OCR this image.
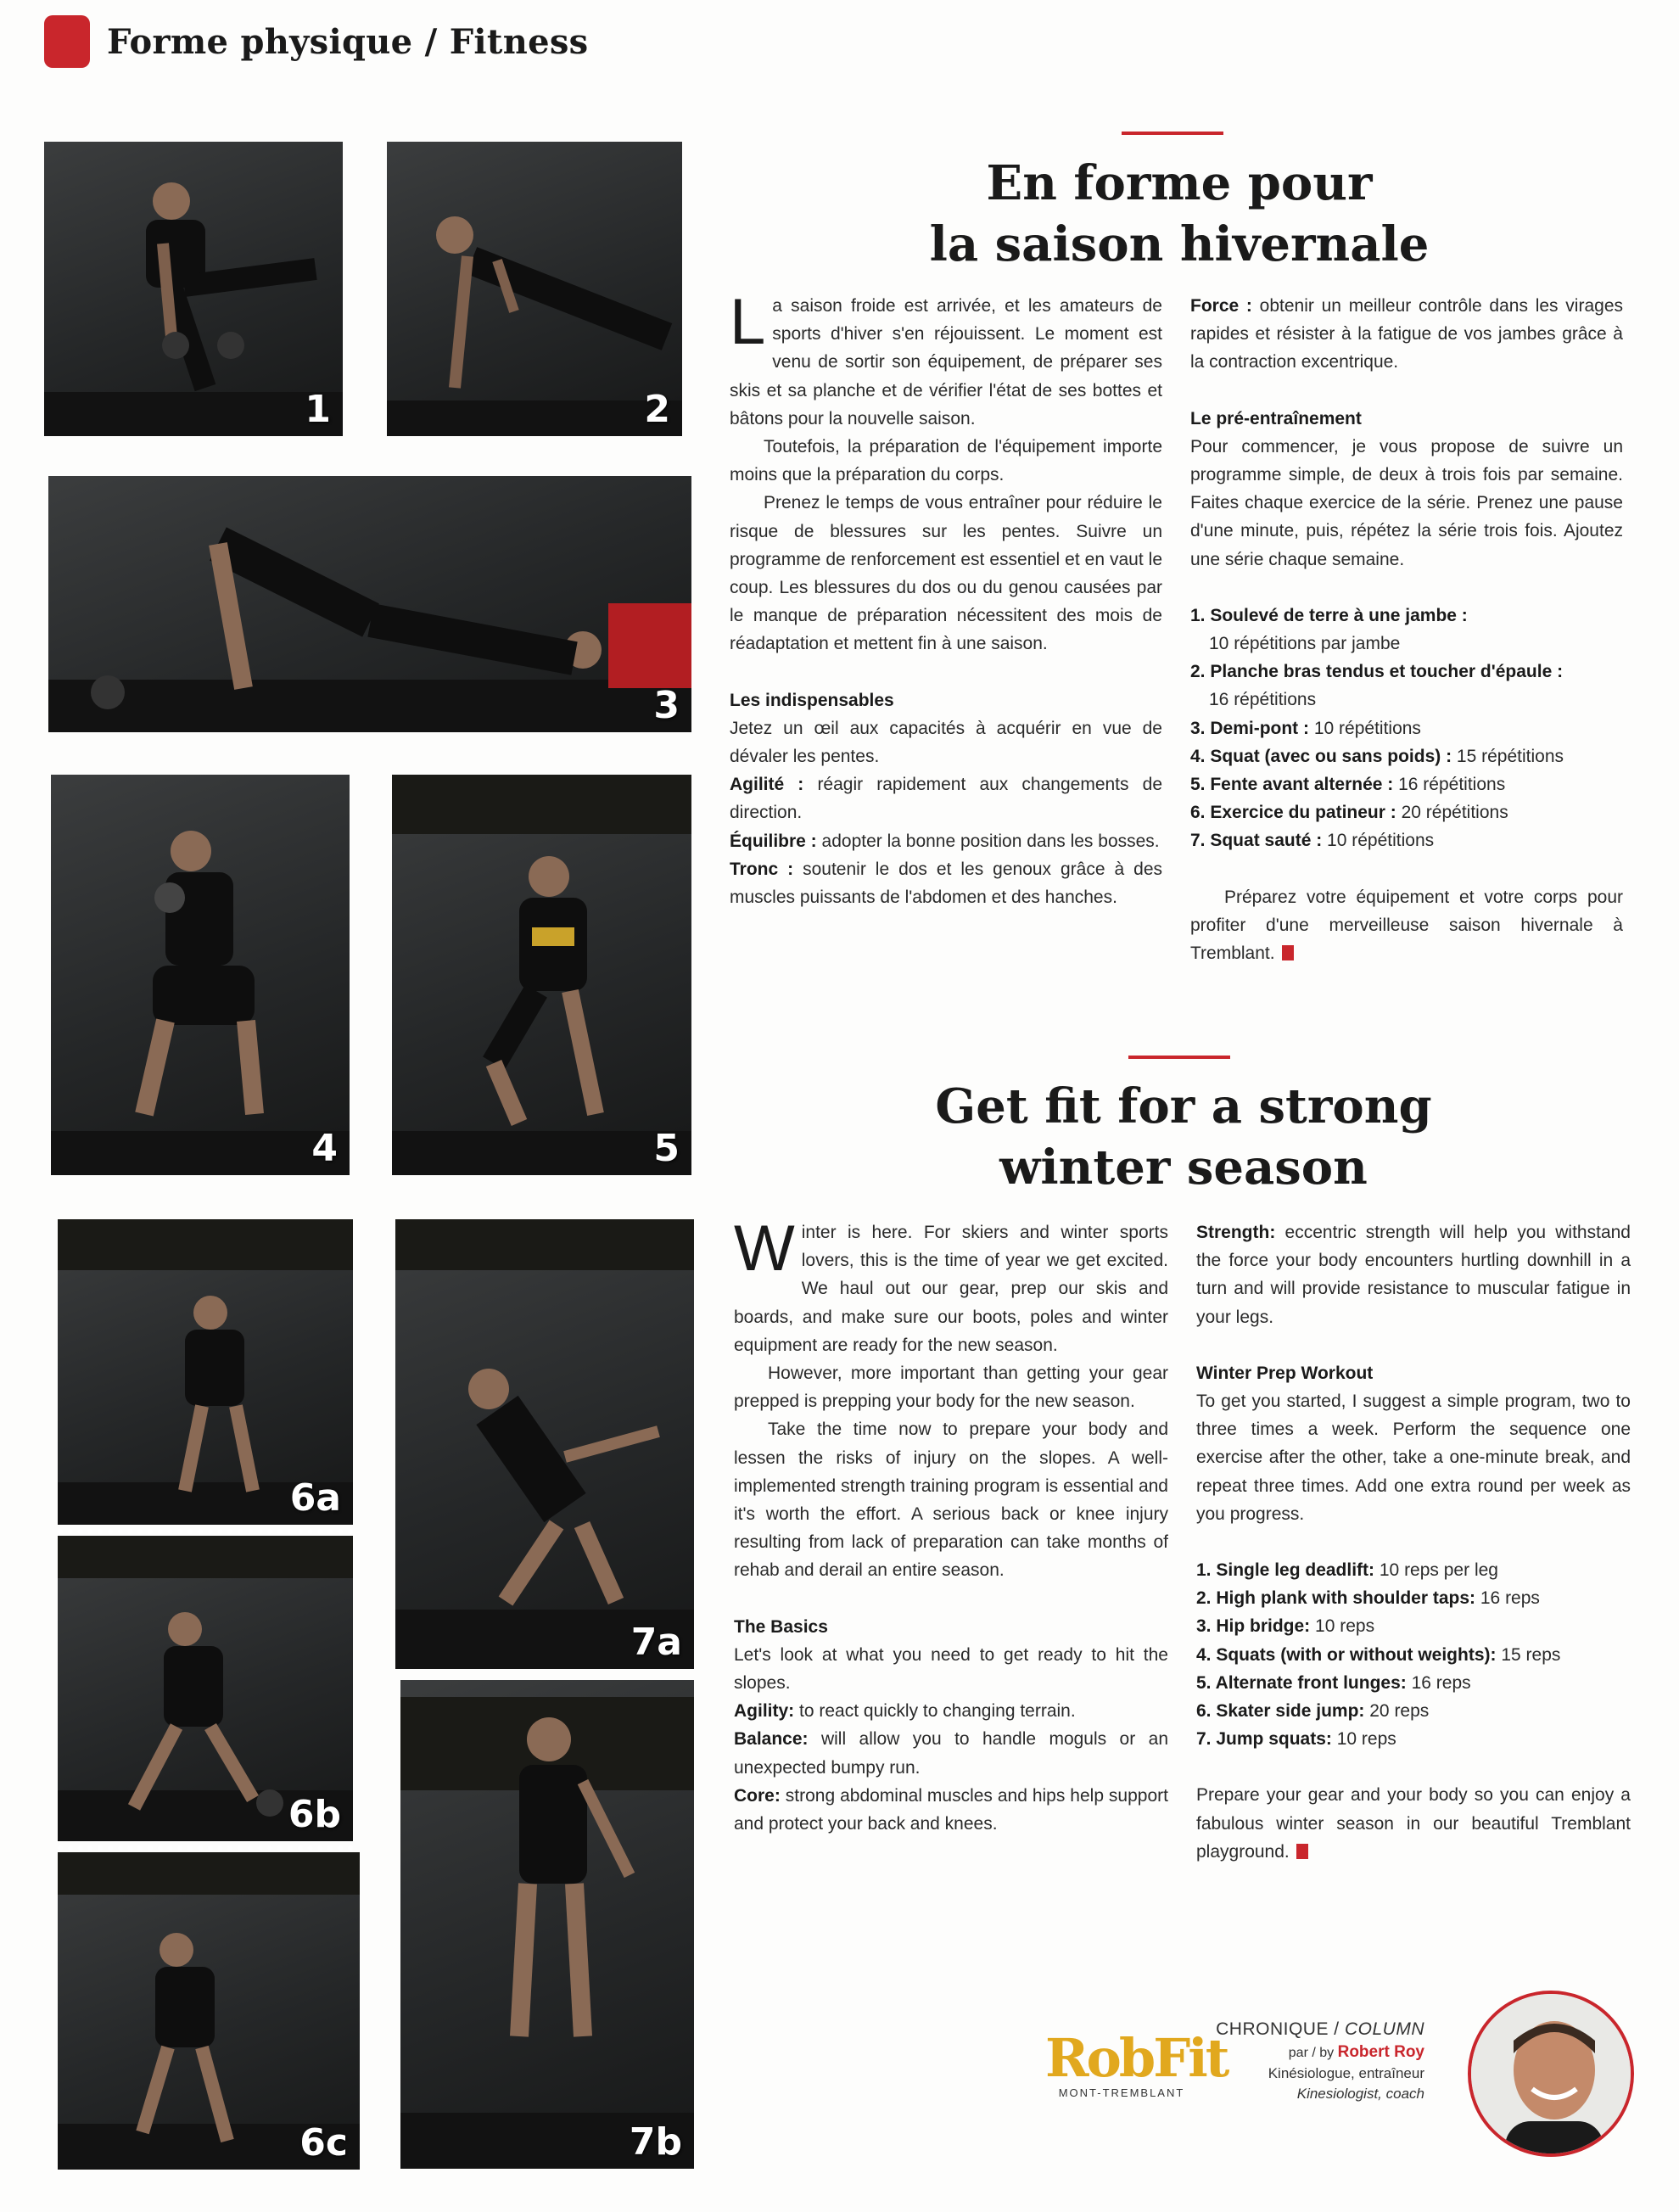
Forme physique / Fitness
1	2
3
4	5
6a
6b
6c
7a
7b
En forme pour
la saison hivernale

La saison froide est arrivée, et les amateurs de sports d'hiver s'en réjouissent. Le moment est venu de sortir son équipement, de préparer ses skis et sa planche et de vérifier l'état de ses bottes et bâtons pour la nouvelle saison.

Toutefois, la préparation de l'équipement importe moins que la préparation du corps.

Prenez le temps de vous entraîner pour réduire le risque de blessures sur les pentes. Suivre un programme de renforcement est essentiel et en vaut le coup. Les blessures du dos ou du genou causées par le manque de préparation nécessitent des mois de réadaptation et mettent fin à une saison.

Les indispensables

Jetez un œil aux capacités à acquérir en vue de dévaler les pentes.

Agilité : réagir rapidement aux changements de direction.

Équilibre : adopter la bonne position dans les bosses.

Tronc : soutenir le dos et les genoux grâce à des muscles puissants de l'abdomen et des hanches.

Force : obtenir un meilleur contrôle dans les virages rapides et résister à la fatigue de vos jambes grâce à la contraction excentrique.

Le pré-entraînement

Pour commencer, je vous propose de suivre un programme simple, de deux à trois fois par semaine. Faites chaque exercice de la série. Prenez une pause d'une minute, puis, répétez la série trois fois. Ajoutez une série chaque semaine.

1. Soulevé de terre à une jambe :
10 répétitions par jambe
2. Planche bras tendus et toucher d'épaule :
16 répétitions
3. Demi-pont : 10 répétitions
4. Squat (avec ou sans poids) : 15 répétitions
5. Fente avant alternée : 16 répétitions
6. Exercice du patineur : 20 répétitions
7. Squat sauté : 10 répétitions

Préparez votre équipement et votre corps pour profiter d'une merveilleuse saison hivernale à Tremblant.

Get fit for a strong
winter season

Winter is here. For skiers and winter sports lovers, this is the time of year we get excited. We haul out our gear, prep our skis and boards, and make sure our boots, poles and winter equipment are ready for the new season.

However, more important than getting your gear prepped is prepping your body for the new season.

Take the time now to prepare your body and lessen the risks of injury on the slopes. A well-implemented strength training program is essential and it's worth the effort. A serious back or knee injury resulting from lack of preparation can take months of rehab and derail an entire season.

The Basics

Let's look at what you need to get ready to hit the slopes.

Agility: to react quickly to changing terrain.

Balance: will allow you to handle moguls or an unexpected bumpy run.

Core: strong abdominal muscles and hips help support and protect your back and knees.

Strength: eccentric strength will help you withstand the force your body encounters hurtling downhill in a turn and will provide resistance to muscular fatigue in your legs.

Winter Prep Workout

To get you started, I suggest a simple program, two to three times a week. Perform the sequence one exercise after the other, take a one-minute break, and repeat three times. Add one extra round per week as you progress.

1. Single leg deadlift: 10 reps per leg
2. High plank with shoulder taps: 16 reps
3. Hip bridge: 10 reps
4. Squats (with or without weights): 15 reps
5. Alternate front lunges: 16 reps
6. Skater side jump: 20 reps
7. Jump squats: 10 reps

Prepare your gear and your body so you can enjoy a fabulous winter season in our beautiful Tremblant playground.

RobFit
MONT-TREMBLANT
CHRONIQUE / COLUMN
par / by Robert Roy
Kinésiologue, entraîneur
Kinesiologist, coach
